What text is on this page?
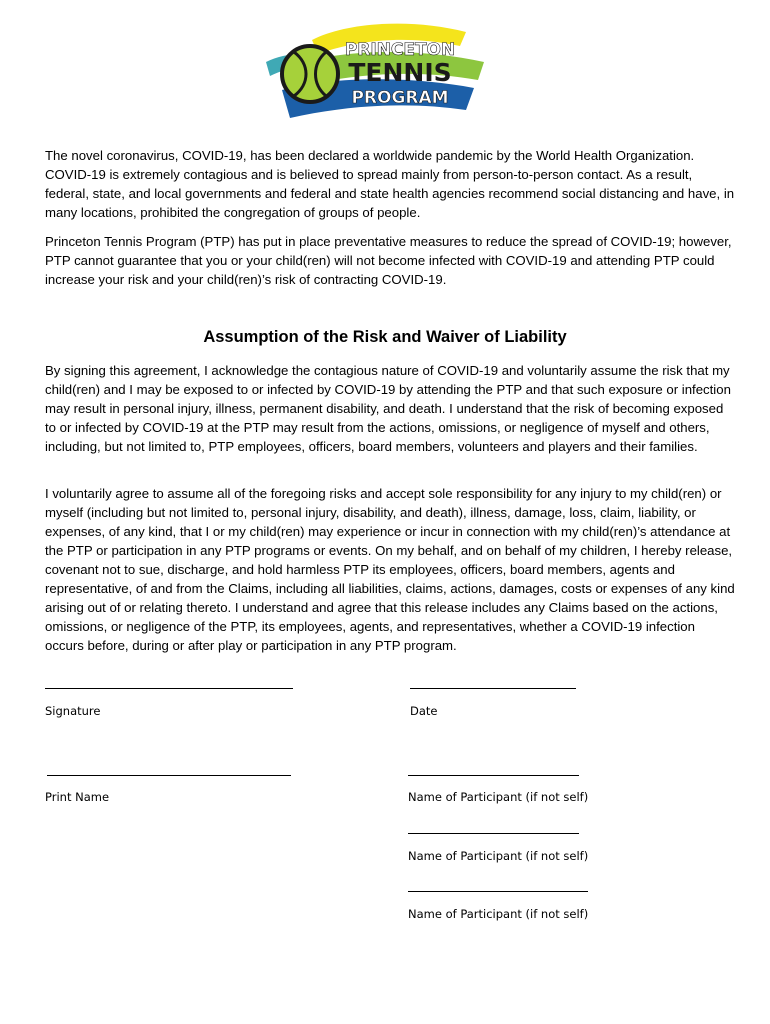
PRINCETON
TENNIS
PROGRAM

The novel coronavirus, COVID-19, has been declared a worldwide pandemic by the World Health Organization. COVID-19 is extremely contagious and is believed to spread mainly from person-to-person contact. As a result, federal, state, and local governments and federal and state health agencies recommend social distancing and have, in many locations, prohibited the congregation of groups of people.

Princeton Tennis Program (PTP) has put in place preventative measures to reduce the spread of COVID-19; however, PTP cannot guarantee that you or your child(ren) will not become infected with COVID-19 and attending PTP could increase your risk and your child(ren)’s risk of contracting COVID-19.

Assumption of the Risk and Waiver of Liability

By signing this agreement, I acknowledge the contagious nature of COVID-19 and voluntarily assume the risk that my child(ren) and I may be exposed to or infected by COVID-19 by attending the PTP and that such exposure or infection may result in personal injury, illness, permanent disability, and death. I understand that the risk of becoming exposed to or infected by COVID-19 at the PTP may result from the actions, omissions, or negligence of myself and others, including, but not limited to, PTP employees, officers, board members, volunteers and players and their families.

I voluntarily agree to assume all of the foregoing risks and accept sole responsibility for any injury to my child(ren) or myself (including but not limited to, personal injury, disability, and death), illness, damage, loss, claim, liability, or expenses, of any kind, that I or my child(ren) may experience or incur in connection with my child(ren)’s attendance at the PTP or participation in any PTP programs or events. On my behalf, and on behalf of my children, I hereby release, covenant not to sue, discharge, and hold harmless PTP its employees, officers, board members, agents and representative, of and from the Claims, including all liabilities, claims, actions, damages, costs or expenses of any kind arising out of or relating thereto. I understand and agree that this release includes any Claims based on the actions, omissions, or negligence of the PTP, its employees, agents, and representatives, whether a COVID-19 infection occurs before, during or after play or participation in any PTP program.

Signature	Date
Print Name	Name of Participant (if not self)
Name of Participant (if not self)
Name of Participant (if not self)
